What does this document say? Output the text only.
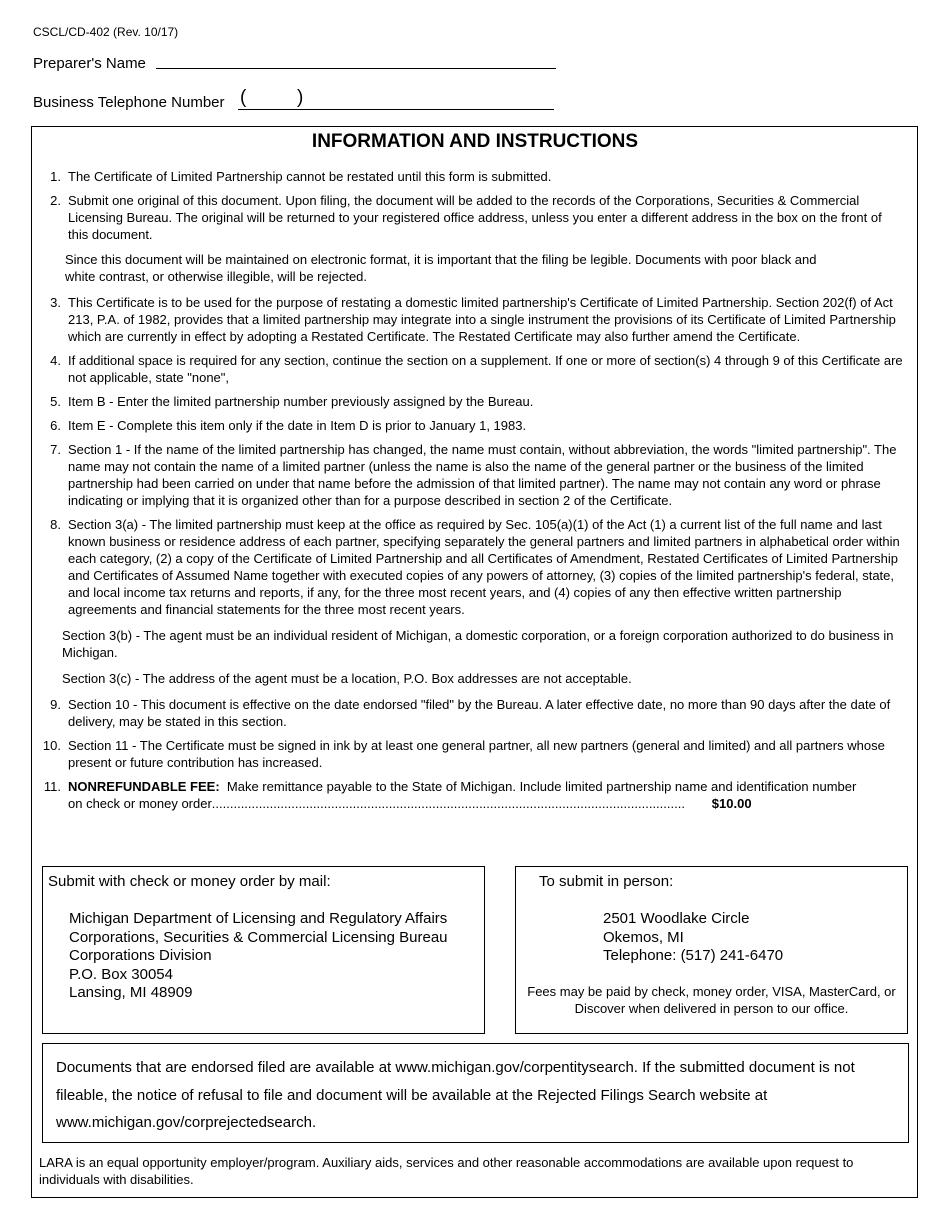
CSCL/CD-402 (Rev. 10/17)
Preparer's Name
Business Telephone Number (	)
INFORMATION AND INSTRUCTIONS
1. The Certificate of Limited Partnership cannot be restated until this form is submitted.
2. Submit one original of this document. Upon filing, the document will be added to the records of the Corporations, Securities & Commercial Licensing Bureau. The original will be returned to your registered office address, unless you enter a different address in the box on the front of this document.
Since this document will be maintained on electronic format, it is important that the filing be legible. Documents with poor black and white contrast, or otherwise illegible, will be rejected.
3. This Certificate is to be used for the purpose of restating a domestic limited partnership's Certificate of Limited Partnership. Section 202(f) of Act 213, P.A. of 1982, provides that a limited partnership may integrate into a single instrument the provisions of its Certificate of Limited Partnership which are currently in effect by adopting a Restated Certificate. The Restated Certificate may also further amend the Certificate.
4. If additional space is required for any section, continue the section on a supplement. If one or more of section(s) 4 through 9 of this Certificate are not applicable, state "none",
5. Item B - Enter the limited partnership number previously assigned by the Bureau.
6. Item E - Complete this item only if the date in Item D is prior to January 1, 1983.
7. Section 1 - If the name of the limited partnership has changed, the name must contain, without abbreviation, the words "limited partnership". The name may not contain the name of a limited partner (unless the name is also the name of the general partner or the business of the limited partnership had been carried on under that name before the admission of that limited partner). The name may not contain any word or phrase indicating or implying that it is organized other than for a purpose described in section 2 of the Certificate.
8. Section 3(a) - The limited partnership must keep at the office as required by Sec. 105(a)(1) of the Act (1) a current list of the full name and last known business or residence address of each partner, specifying separately the general partners and limited partners in alphabetical order within each category, (2) a copy of the Certificate of Limited Partnership and all Certificates of Amendment, Restated Certificates of Limited Partnership and Certificates of Assumed Name together with executed copies of any powers of attorney, (3) copies of the limited partnership's federal, state, and local income tax returns and reports, if any, for the three most recent years, and (4) copies of any then effective written partnership agreements and financial statements for the three most recent years.
Section 3(b) - The agent must be an individual resident of Michigan, a domestic corporation, or a foreign corporation authorized to do business in Michigan.
Section 3(c) - The address of the agent must be a location, P.O. Box addresses are not acceptable.
9. Section 10 - This document is effective on the date endorsed "filed" by the Bureau. A later effective date, no more than 90 days after the date of delivery, may be stated in this section.
10. Section 11 - The Certificate must be signed in ink by at least one general partner, all new partners (general and limited) and all partners whose present or future contribution has increased.
11. NONREFUNDABLE FEE: Make remittance payable to the State of Michigan. Include limited partnership name and identification number on check or money order................................................................................................................................... $10.00
Submit with check or money order by mail:
Michigan Department of Licensing and Regulatory Affairs
Corporations, Securities & Commercial Licensing Bureau
Corporations Division
P.O. Box 30054
Lansing, MI 48909
To submit in person:
2501 Woodlake Circle
Okemos, MI
Telephone: (517) 241-6470
Fees may be paid by check, money order, VISA, MasterCard, or Discover when delivered in person to our office.
Documents that are endorsed filed are available at www.michigan.gov/corpentitysearch. If the submitted document is not fileable, the notice of refusal to file and document will be available at the Rejected Filings Search website at www.michigan.gov/corprejectedsearch.
LARA is an equal opportunity employer/program. Auxiliary aids, services and other reasonable accommodations are available upon request to individuals with disabilities.
